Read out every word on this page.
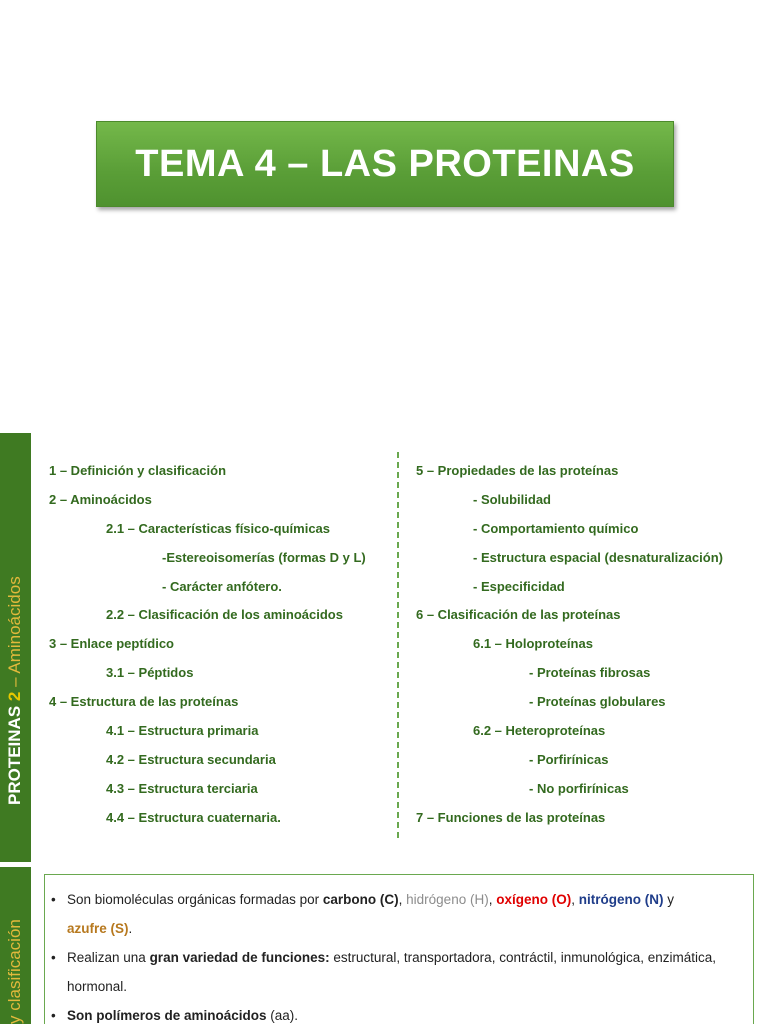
TEMA 4 – LAS PROTEINAS
PROTEINAS 2 – Aminoácidos
y clasificación
1 – Definición y clasificación
2 – Aminoácidos
2.1 – Características físico-químicas
-Estereoisomerías (formas D y L)
- Carácter anfótero.
2.2 – Clasificación de los aminoácidos
3 – Enlace peptídico
3.1 – Péptidos
4 – Estructura de las proteínas
4.1 – Estructura primaria
4.2 – Estructura secundaria
4.3 – Estructura terciaria
4.4 – Estructura cuaternaria.
5 – Propiedades de las proteínas
- Solubilidad
- Comportamiento químico
- Estructura espacial (desnaturalización)
- Especificidad
6 – Clasificación de las proteínas
6.1 – Holoproteínas
- Proteínas fibrosas
- Proteínas globulares
6.2 – Heteroproteínas
- Porfirínicas
- No porfirínicas
7 – Funciones de las proteínas
• Son biomoléculas orgánicas formadas por carbono (C), hidrógeno (H), oxígeno (O), nitrógeno (N) y
azufre (S).
• Realizan una gran variedad de funciones: estructural, transportadora, contráctil, inmunológica, enzimática, hormonal.
• Son polímeros de aminoácidos (aa).
